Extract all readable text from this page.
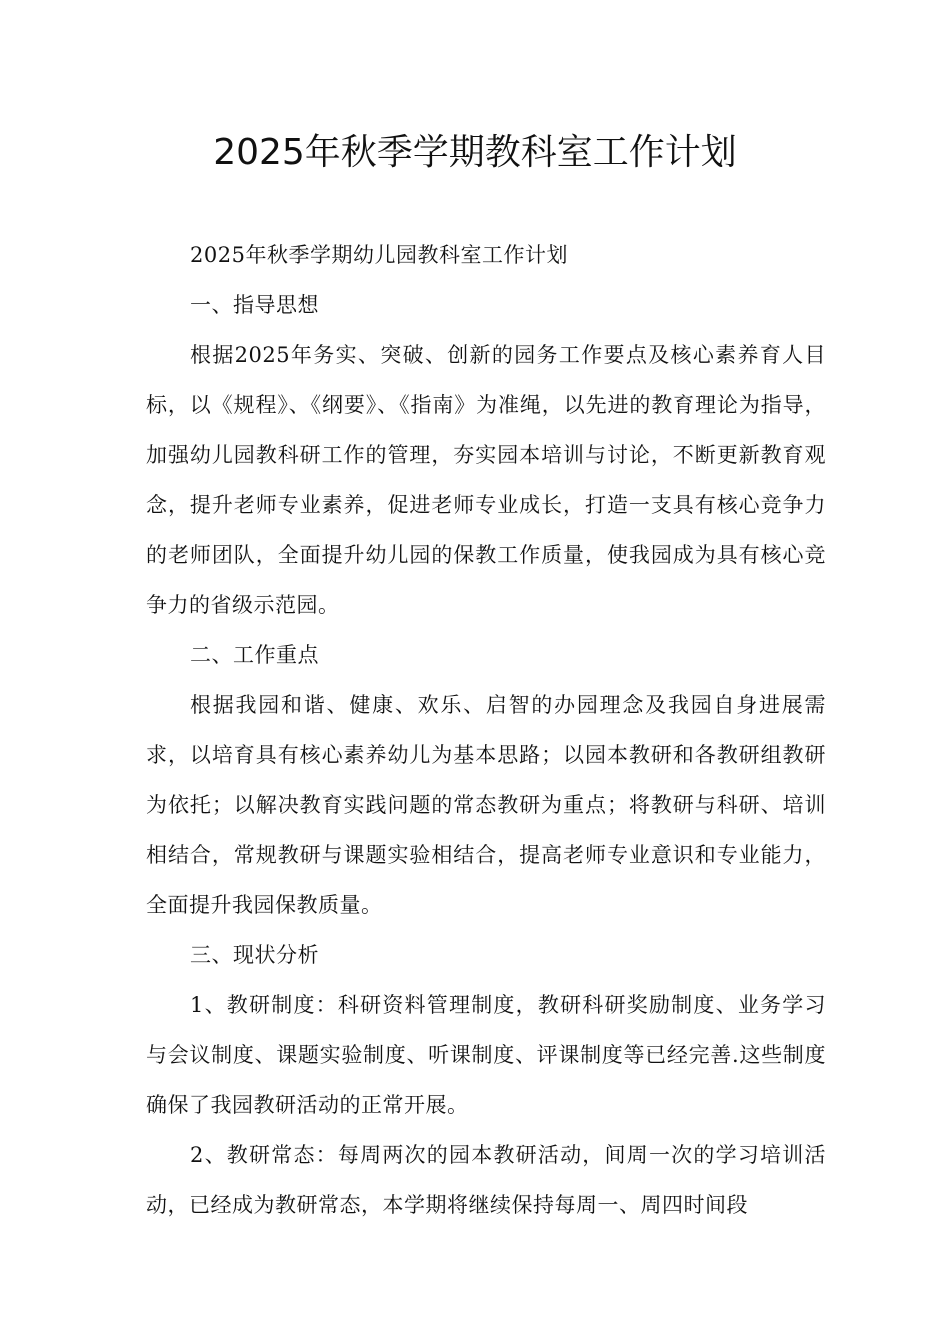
2025年秋季学期教科室工作计划

2025年秋季学期幼儿园教科室工作计划

一、指导思想

根据2025年务实、突破、创新的园务工作要点及核心素养育人目标，以《规程》、《纲要》、《指南》为准绳，以先进的教育理论为指导，加强幼儿园教科研工作的管理，夯实园本培训与讨论，不断更新教育观念，提升老师专业素养，促进老师专业成长，打造一支具有核心竞争力的老师团队，全面提升幼儿园的保教工作质量，使我园成为具有核心竞争力的省级示范园。

二、工作重点

根据我园和谐、健康、欢乐、启智的办园理念及我园自身进展需求，以培育具有核心素养幼儿为基本思路；以园本教研和各教研组教研为依托；以解决教育实践问题的常态教研为重点；将教研与科研、培训相结合，常规教研与课题实验相结合，提高老师专业意识和专业能力，全面提升我园保教质量。

三、现状分析

1、教研制度：科研资料管理制度，教研科研奖励制度、业务学习与会议制度、课题实验制度、听课制度、评课制度等已经完善.这些制度确保了我园教研活动的正常开展。

2、教研常态：每周两次的园本教研活动，间周一次的学习培训活动，已经成为教研常态，本学期将继续保持每周一、周四时间段
